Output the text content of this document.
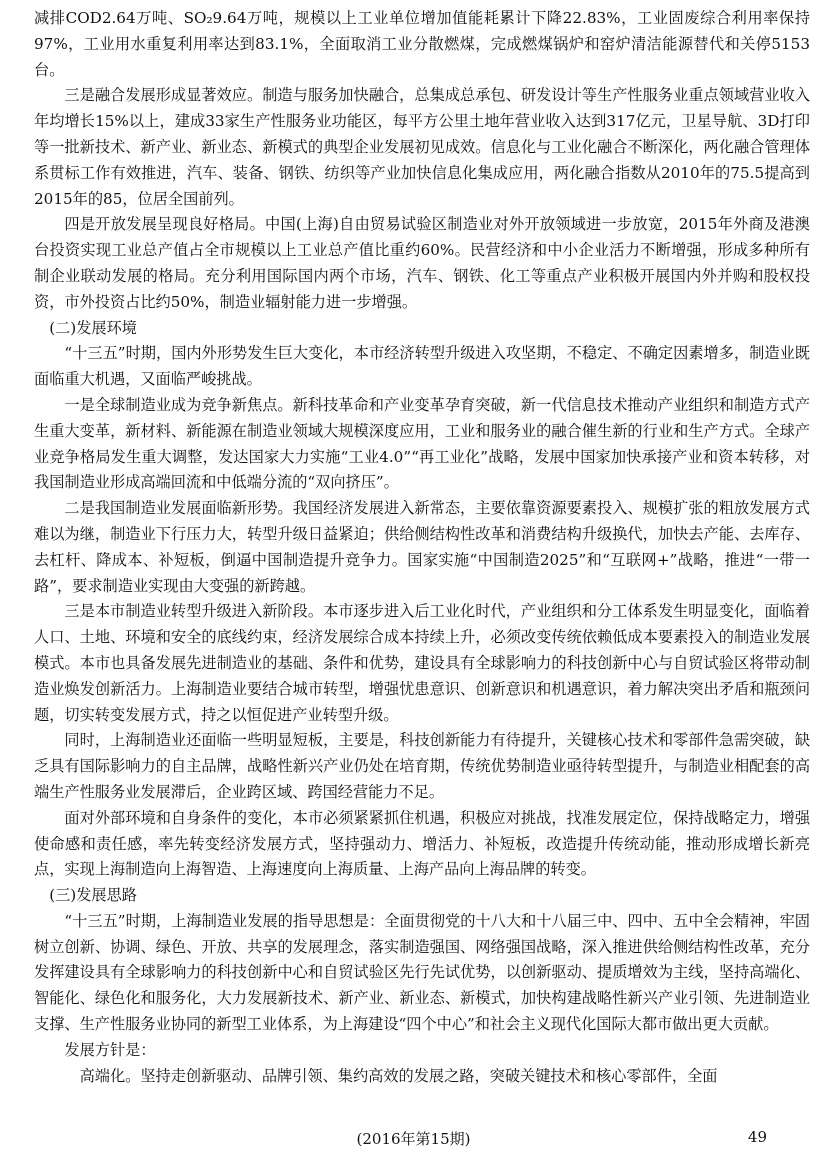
减排COD2.64万吨、SO₂9.64万吨，规模以上工业单位增加值能耗累计下降22.83%，工业固废综合利用率保持97%，工业用水重复利用率达到83.1%，全面取消工业分散燃煤，完成燃煤锅炉和窑炉清洁能源替代和关停5153台。

三是融合发展形成显著效应。制造与服务加快融合，总集成总承包、研发设计等生产性服务业重点领域营业收入年均增长15%以上，建成33家生产性服务业功能区，每平方公里土地年营业收入达到317亿元，卫星导航、3D打印等一批新技术、新产业、新业态、新模式的典型企业发展初见成效。信息化与工业化融合不断深化，两化融合管理体系贯标工作有效推进，汽车、装备、钢铁、纺织等产业加快信息化集成应用，两化融合指数从2010年的75.5提高到2015年的85，位居全国前列。

四是开放发展呈现良好格局。中国(上海)自由贸易试验区制造业对外开放领域进一步放宽，2015年外商及港澳台投资实现工业总产值占全市规模以上工业总产值比重约60%。民营经济和中小企业活力不断增强，形成多种所有制企业联动发展的格局。充分利用国际国内两个市场，汽车、钢铁、化工等重点产业积极开展国内外并购和股权投资，市外投资占比约50%，制造业辐射能力进一步增强。

(二)发展环境

“十三五”时期，国内外形势发生巨大变化，本市经济转型升级进入攻坚期，不稳定、不确定因素增多，制造业既面临重大机遇，又面临严峻挑战。

一是全球制造业成为竞争新焦点。新科技革命和产业变革孕育突破，新一代信息技术推动产业组织和制造方式产生重大变革，新材料、新能源在制造业领域大规模深度应用，工业和服务业的融合催生新的行业和生产方式。全球产业竞争格局发生重大调整，发达国家大力实施“工业4.0”“再工业化”战略，发展中国家加快承接产业和资本转移，对我国制造业形成高端回流和中低端分流的“双向挤压”。

二是我国制造业发展面临新形势。我国经济发展进入新常态，主要依靠资源要素投入、规模扩张的粗放发展方式难以为继，制造业下行压力大，转型升级日益紧迫；供给侧结构性改革和消费结构升级换代，加快去产能、去库存、去杠杆、降成本、补短板，倒逼中国制造提升竞争力。国家实施“中国制造2025”和“互联网+”战略，推进“一带一路”，要求制造业实现由大变强的新跨越。

三是本市制造业转型升级进入新阶段。本市逐步进入后工业化时代，产业组织和分工体系发生明显变化，面临着人口、土地、环境和安全的底线约束，经济发展综合成本持续上升，必须改变传统依赖低成本要素投入的制造业发展模式。本市也具备发展先进制造业的基础、条件和优势，建设具有全球影响力的科技创新中心与自贸试验区将带动制造业焕发创新活力。上海制造业要结合城市转型，增强忧患意识、创新意识和机遇意识，着力解决突出矛盾和瓶颈问题，切实转变发展方式，持之以恒促进产业转型升级。

同时，上海制造业还面临一些明显短板，主要是，科技创新能力有待提升，关键核心技术和零部件急需突破，缺乏具有国际影响力的自主品牌，战略性新兴产业仍处在培育期，传统优势制造业亟待转型提升，与制造业相配套的高端生产性服务业发展滞后，企业跨区域、跨国经营能力不足。

面对外部环境和自身条件的变化，本市必须紧紧抓住机遇，积极应对挑战，找准发展定位，保持战略定力，增强使命感和责任感，率先转变经济发展方式，坚持强动力、增活力、补短板，改造提升传统动能，推动形成增长新亮点，实现上海制造向上海智造、上海速度向上海质量、上海产品向上海品牌的转变。

(三)发展思路

“十三五”时期，上海制造业发展的指导思想是：全面贯彻党的十八大和十八届三中、四中、五中全会精神，牢固树立创新、协调、绿色、开放、共享的发展理念，落实制造强国、网络强国战略，深入推进供给侧结构性改革，充分发挥建设具有全球影响力的科技创新中心和自贸试验区先行先试优势，以创新驱动、提质增效为主线，坚持高端化、智能化、绿色化和服务化，大力发展新技术、新产业、新业态、新模式，加快构建战略性新兴产业引领、先进制造业支撑、生产性服务业协同的新型工业体系，为上海建设“四个中心”和社会主义现代化国际大都市做出更大贡献。

发展方针是：

高端化。坚持走创新驱动、品牌引领、集约高效的发展之路，突破关键技术和核心零部件，全面

(2016年第15期)	49
